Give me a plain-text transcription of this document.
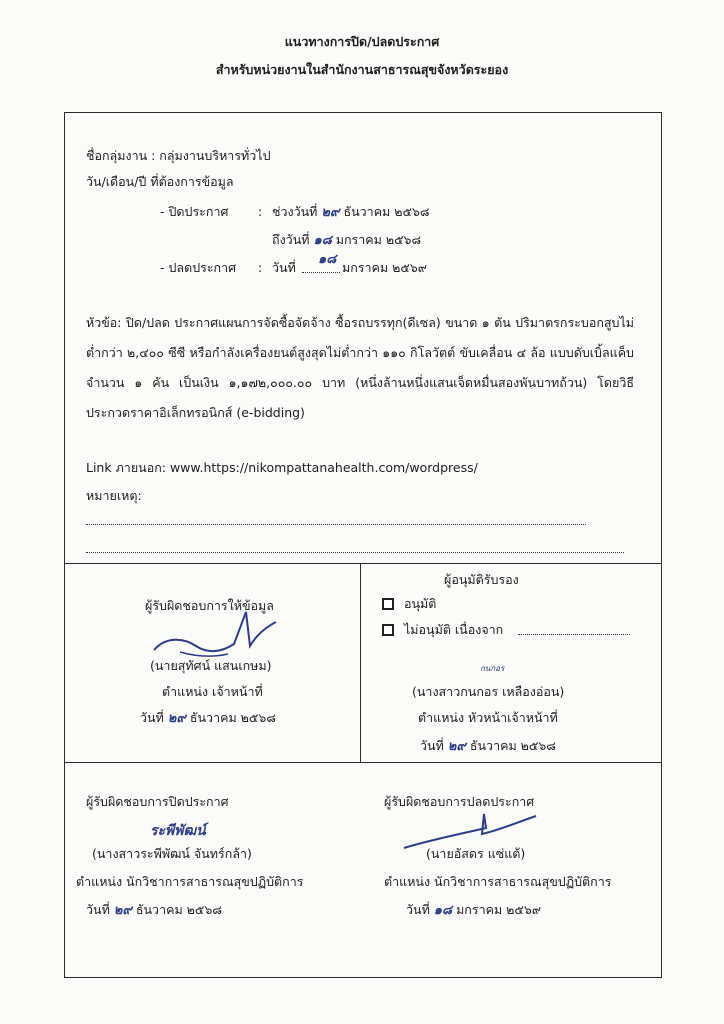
แนวทางการปิด/ปลดประกาศ
สำหรับหน่วยงานในสำนักงานสาธารณสุขจังหวัดระยอง
ชื่อกลุ่มงาน : กลุ่มงานบริหารทั่วไป
วัน/เดือน/ปี ที่ต้องการข้อมูล
- ปิดประกาศ : ช่วงวันที่ ๒๙ ธันวาคม ๒๕๖๘
ถึงวันที่ ๑๘ มกราคม ๒๕๖๘
- ปลดประกาศ : วันที่
๑๘
มกราคม ๒๕๖๙
หัวข้อ: ปิด/ปลด ประกาศแผนการจัดซื้อจัดจ้าง ซื้อรถบรรทุก(ดีเซล) ขนาด ๑ ตัน ปริมาตรกระบอกสูบไม่ต่ำกว่า ๒,๔๐๐ ซีซี หรือกำลังเครื่องยนต์สูงสุดไม่ต่ำกว่า ๑๑๐ กิโลวัตต์ ขับเคลื่อน ๔ ล้อ แบบดับเบิ้ลแค็บ จำนวน ๑ คัน เป็นเงิน ๑,๑๗๒,๐๐๐.๐๐ บาท (หนึ่งล้านหนึ่งแสนเจ็ดหมื่นสองพันบาทถ้วน) โดยวิธีประกวดราคาอิเล็กทรอนิกส์ (e-bidding)
Link ภายนอก: www.https://nikompattanahealth.com/wordpress/
หมายเหตุ:
ผู้รับผิดชอบการให้ข้อมูล
(นายสุทัศน์ แสนเกษม)
ตำแหน่ง เจ้าหน้าที่
วันที่ ๒๙ ธันวาคม ๒๕๖๘
ผู้อนุมัติรับรอง
อนุมัติ
ไม่อนุมัติ เนื่องจาก
กนกอร
(นางสาวกนกอร เหลืองอ่อน)
ตำแหน่ง หัวหน้าเจ้าหน้าที่
วันที่ ๒๙ ธันวาคม ๒๕๖๘
ผู้รับผิดชอบการปิดประกาศ
ระพีพัฒน์
(นางสาวระพีพัฒน์ จันทร์กล้า)
ตำแหน่ง นักวิชาการสาธารณสุขปฏิบัติการ
วันที่ ๒๙ ธันวาคม ๒๕๖๘
ผู้รับผิดชอบการปลดประกาศ
(นายอัสดร แซ่แต้)
ตำแหน่ง นักวิชาการสาธารณสุขปฏิบัติการ
วันที่ ๑๘ มกราคม ๒๕๖๙
